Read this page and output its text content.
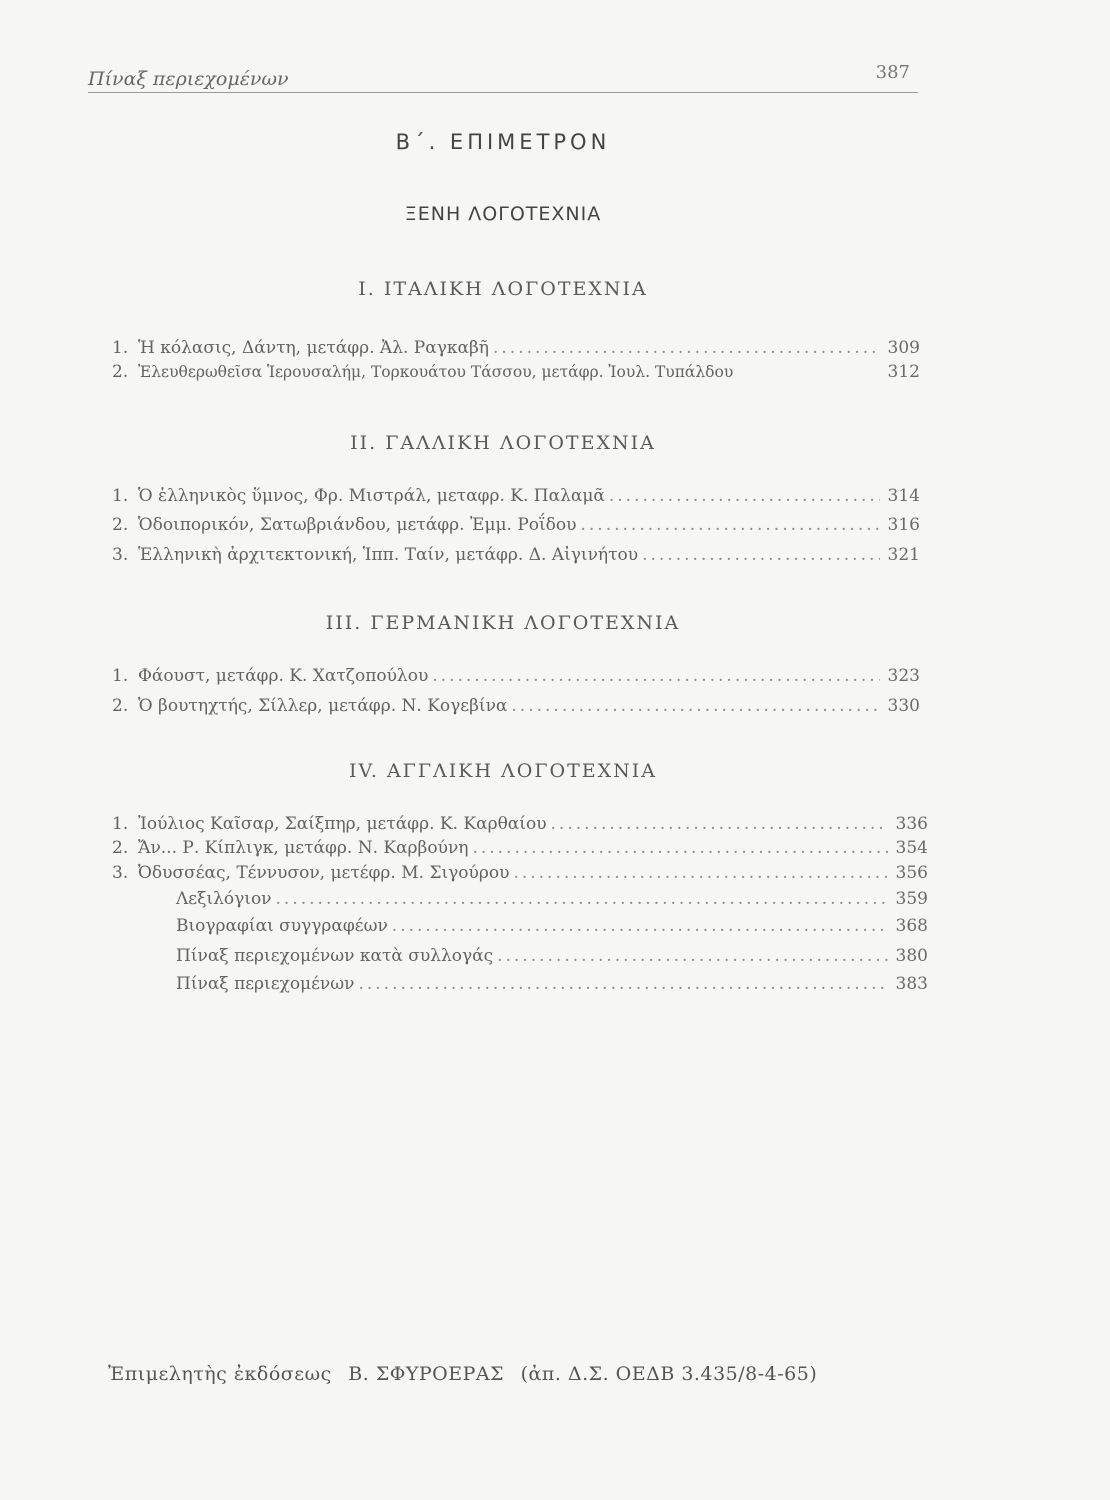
Πίναξ περιεχομένων	387
Β΄. ΕΠΙΜΕΤΡΟΝ
ΞΕΝΗ ΛΟΓΟΤΕΧΝΙΑ
Ι. ΙΤΑΛΙΚΗ ΛΟΓΟΤΕΧΝΙΑ
1. Ἡ κόλασις, Δάντη, μετάφρ. Ἀλ. Ραγκαβῆ .....	309
2. Ἐλευθερωθεῖσα Ἱερουσαλήμ, Τορκουάτου Τάσσου, μετάφρ. Ἰουλ. Τυπάλδου	312
ΙΙ. ΓΑΛΛΙΚΗ ΛΟΓΟΤΕΧΝΙΑ
1. Ὁ ἑλληνικὸς ὕμνος, Φρ. Μιστράλ, μεταφρ. Κ. Παλαμᾶ .....	314
2. Ὁδοιπορικόν, Σατωβριάνδου, μετάφρ. Ἐμμ. Ροΐδου .....	316
3. Ἑλληνικὴ ἀρχιτεκτονική, Ἱππ. Ταίν, μετάφρ. Δ. Αἰγινήτου .....	321
ΙΙΙ. ΓΕΡΜΑΝΙΚΗ ΛΟΓΟΤΕΧΝΙΑ
1. Φάουστ, μετάφρ. Κ. Χατζοπούλου .....	323
2. Ὁ βουτηχτής, Σίλλερ, μετάφρ. Ν. Κογεβίνα .....	330
ΙV. ΑΓΓΛΙΚΗ ΛΟΓΟΤΕΧΝΙΑ
1. Ἰούλιος Καῖσαρ, Σαίξπηρ, μετάφρ. Κ. Καρθαίου .....	336
2. Ἄν... Ρ. Κίπλιγκ, μετάφρ. Ν. Καρβούνη .....	354
3. Ὀδυσσέας, Τέννυσον, μετέφρ. Μ. Σιγούρου .....	356
Λεξιλόγιον .....	359
Βιογραφίαι συγγραφέων .....	368
Πίναξ περιεχομένων κατὰ συλλογάς .....	380
Πίναξ περιεχομένων .....	383
Ἐπιμελητὴς ἐκδόσεως Β. ΣΦΥΡΟΕΡΑΣ (ἀπ. Δ.Σ. ΟΕΔΒ 3.435/8-4-65)
